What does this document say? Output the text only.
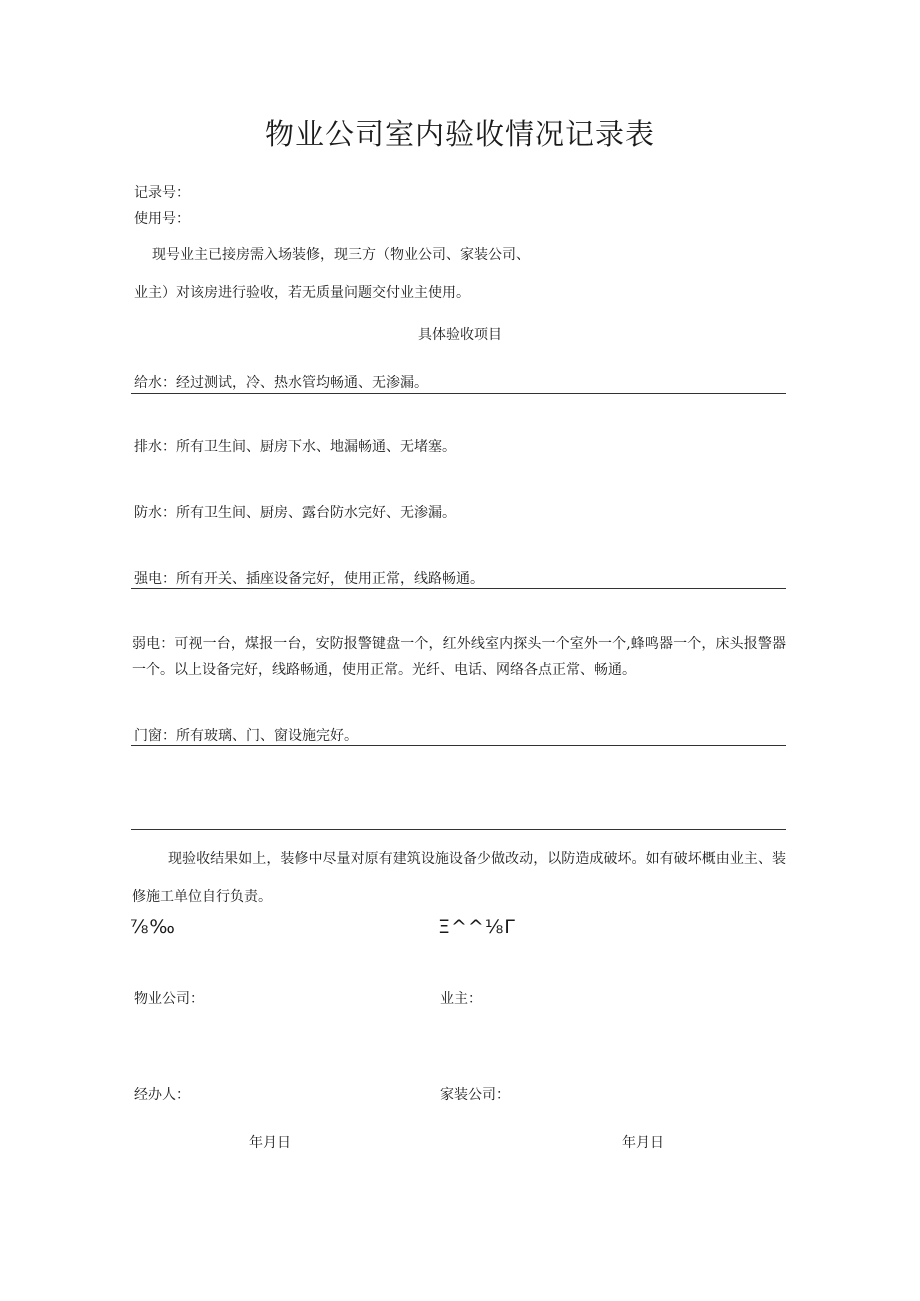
物业公司室内验收情况记录表
记录号：
使用号：
现号业主已接房需入场装修，现三方（物业公司、家装公司、
业主）对该房进行验收，若无质量问题交付业主使用。
具体验收项目
给水：经过测试，冷、热水管均畅通、无渗漏。
排水：所有卫生间、厨房下水、地漏畅通、无堵塞。
防水：所有卫生间、厨房、露台防水完好、无渗漏。
强电：所有开关、插座设备完好，使用正常，线路畅通。
弱电：可视一台，煤报一台，安防报警键盘一个，红外线室内探头一个室外一个,蜂鸣器一个，床头报警器一个。以上设备完好，线路畅通，使用正常。光纤、电话、网络各点正常、畅通。
门窗：所有玻璃、门、窗设施完好。
现验收结果如上，装修中尽量对原有建筑设施设备少做改动，以防造成破坏。如有破坏概由业主、装修施工单位自行负责。
⅞‰	Ξ^^⅛Γ
物业公司：	业主：
经办人：	家装公司：
年月日	年月日
